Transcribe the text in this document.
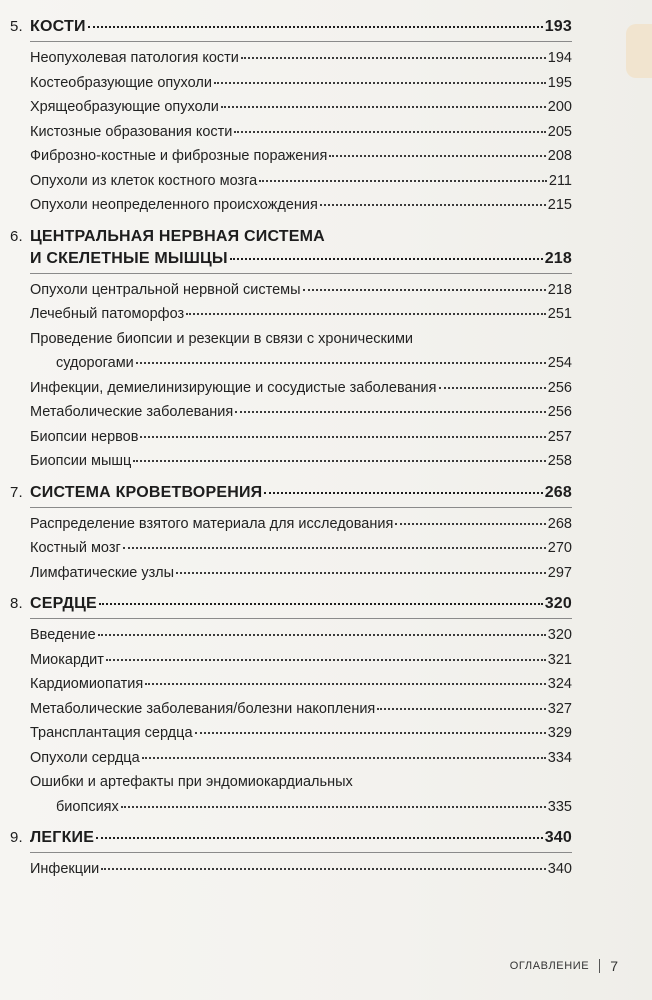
5. КОСТИ	193
Неопухолевая патология кости	194
Костеобразующие опухоли	195
Хрящеобразующие опухоли	200
Кистозные образования кости	205
Фиброзно-костные и фиброзные поражения	208
Опухоли из клеток костного мозга	211
Опухоли неопределенного происхождения	215
6. ЦЕНТРАЛЬНАЯ НЕРВНАЯ СИСТЕМА
И СКЕЛЕТНЫЕ МЫШЦЫ	218
Опухоли центральной нервной системы	218
Лечебный патоморфоз	251
Проведение биопсии и резекции в связи с хроническими
судорогами	254
Инфекции, демиелинизирующие и сосудистые заболевания	256
Метаболические заболевания	256
Биопсии нервов	257
Биопсии мышц	258
7. СИСТЕМА КРОВЕТВОРЕНИЯ	268
Распределение взятого материала для исследования	268
Костный мозг	270
Лимфатические узлы	297
8. СЕРДЦЕ	320
Введение	320
Миокардит	321
Кардиомиопатия	324
Метаболические заболевания/болезни накопления	327
Трансплантация сердца	329
Опухоли сердца	334
Ошибки и артефакты при эндомиокардиальных
биопсиях	335
9. ЛЕГКИЕ	340
Инфекции	340
ОГЛАВЛЕНИЕ 7
